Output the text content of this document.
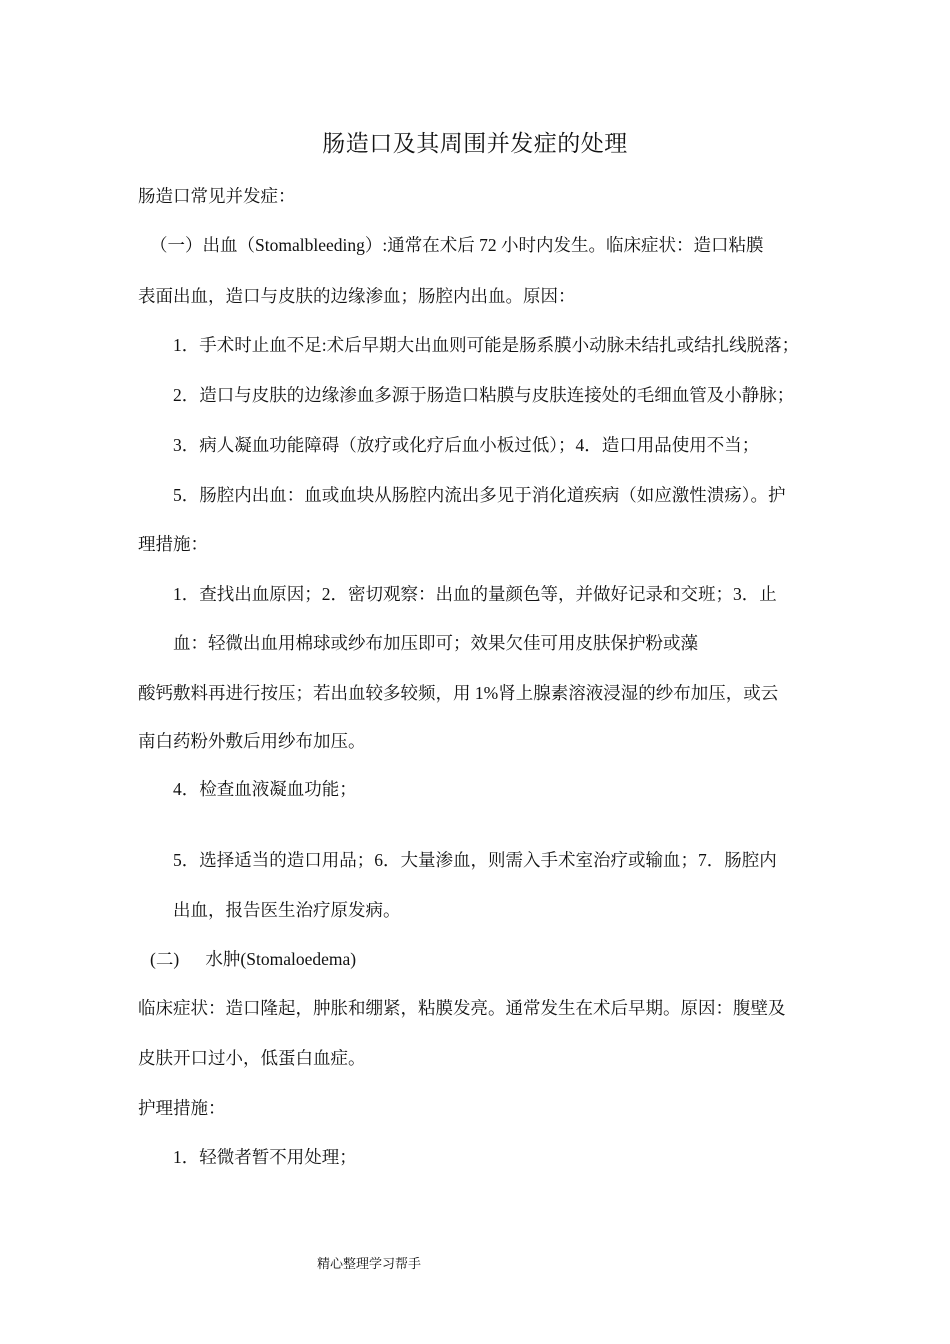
肠造口及其周围并发症的处理
肠造口常见并发症：
（一）出血（Stomalbleeding）:通常在术后 72 小时内发生。临床症状：造口粘膜
表面出血，造口与皮肤的边缘渗血；肠腔内出血。原因：
1．手术时止血不足:术后早期大出血则可能是肠系膜小动脉未结扎或结扎线脱落；
2．造口与皮肤的边缘渗血多源于肠造口粘膜与皮肤连接处的毛细血管及小静脉；
3．病人凝血功能障碍（放疗或化疗后血小板过低）；4．造口用品使用不当；
5．肠腔内出血：血或血块从肠腔内流出多见于消化道疾病（如应激性溃疡）。护
理措施：
1．查找出血原因；2．密切观察：出血的量颜色等，并做好记录和交班；3．止
血：轻微出血用棉球或纱布加压即可；效果欠佳可用皮肤保护粉或藻
酸钙敷料再进行按压；若出血较多较频，用 1%肾上腺素溶液浸湿的纱布加压，或云
南白药粉外敷后用纱布加压。
4．检查血液凝血功能；
5．选择适当的造口用品；6．大量渗血，则需入手术室治疗或输血；7．肠腔内
出血，报告医生治疗原发病。
(二)      水肿(Stomaloedema)
临床症状：造口隆起，肿胀和绷紧，粘膜发亮。通常发生在术后早期。原因：腹壁及
皮肤开口过小，低蛋白血症。
护理措施：
1．轻微者暂不用处理；
精心整理学习帮手
